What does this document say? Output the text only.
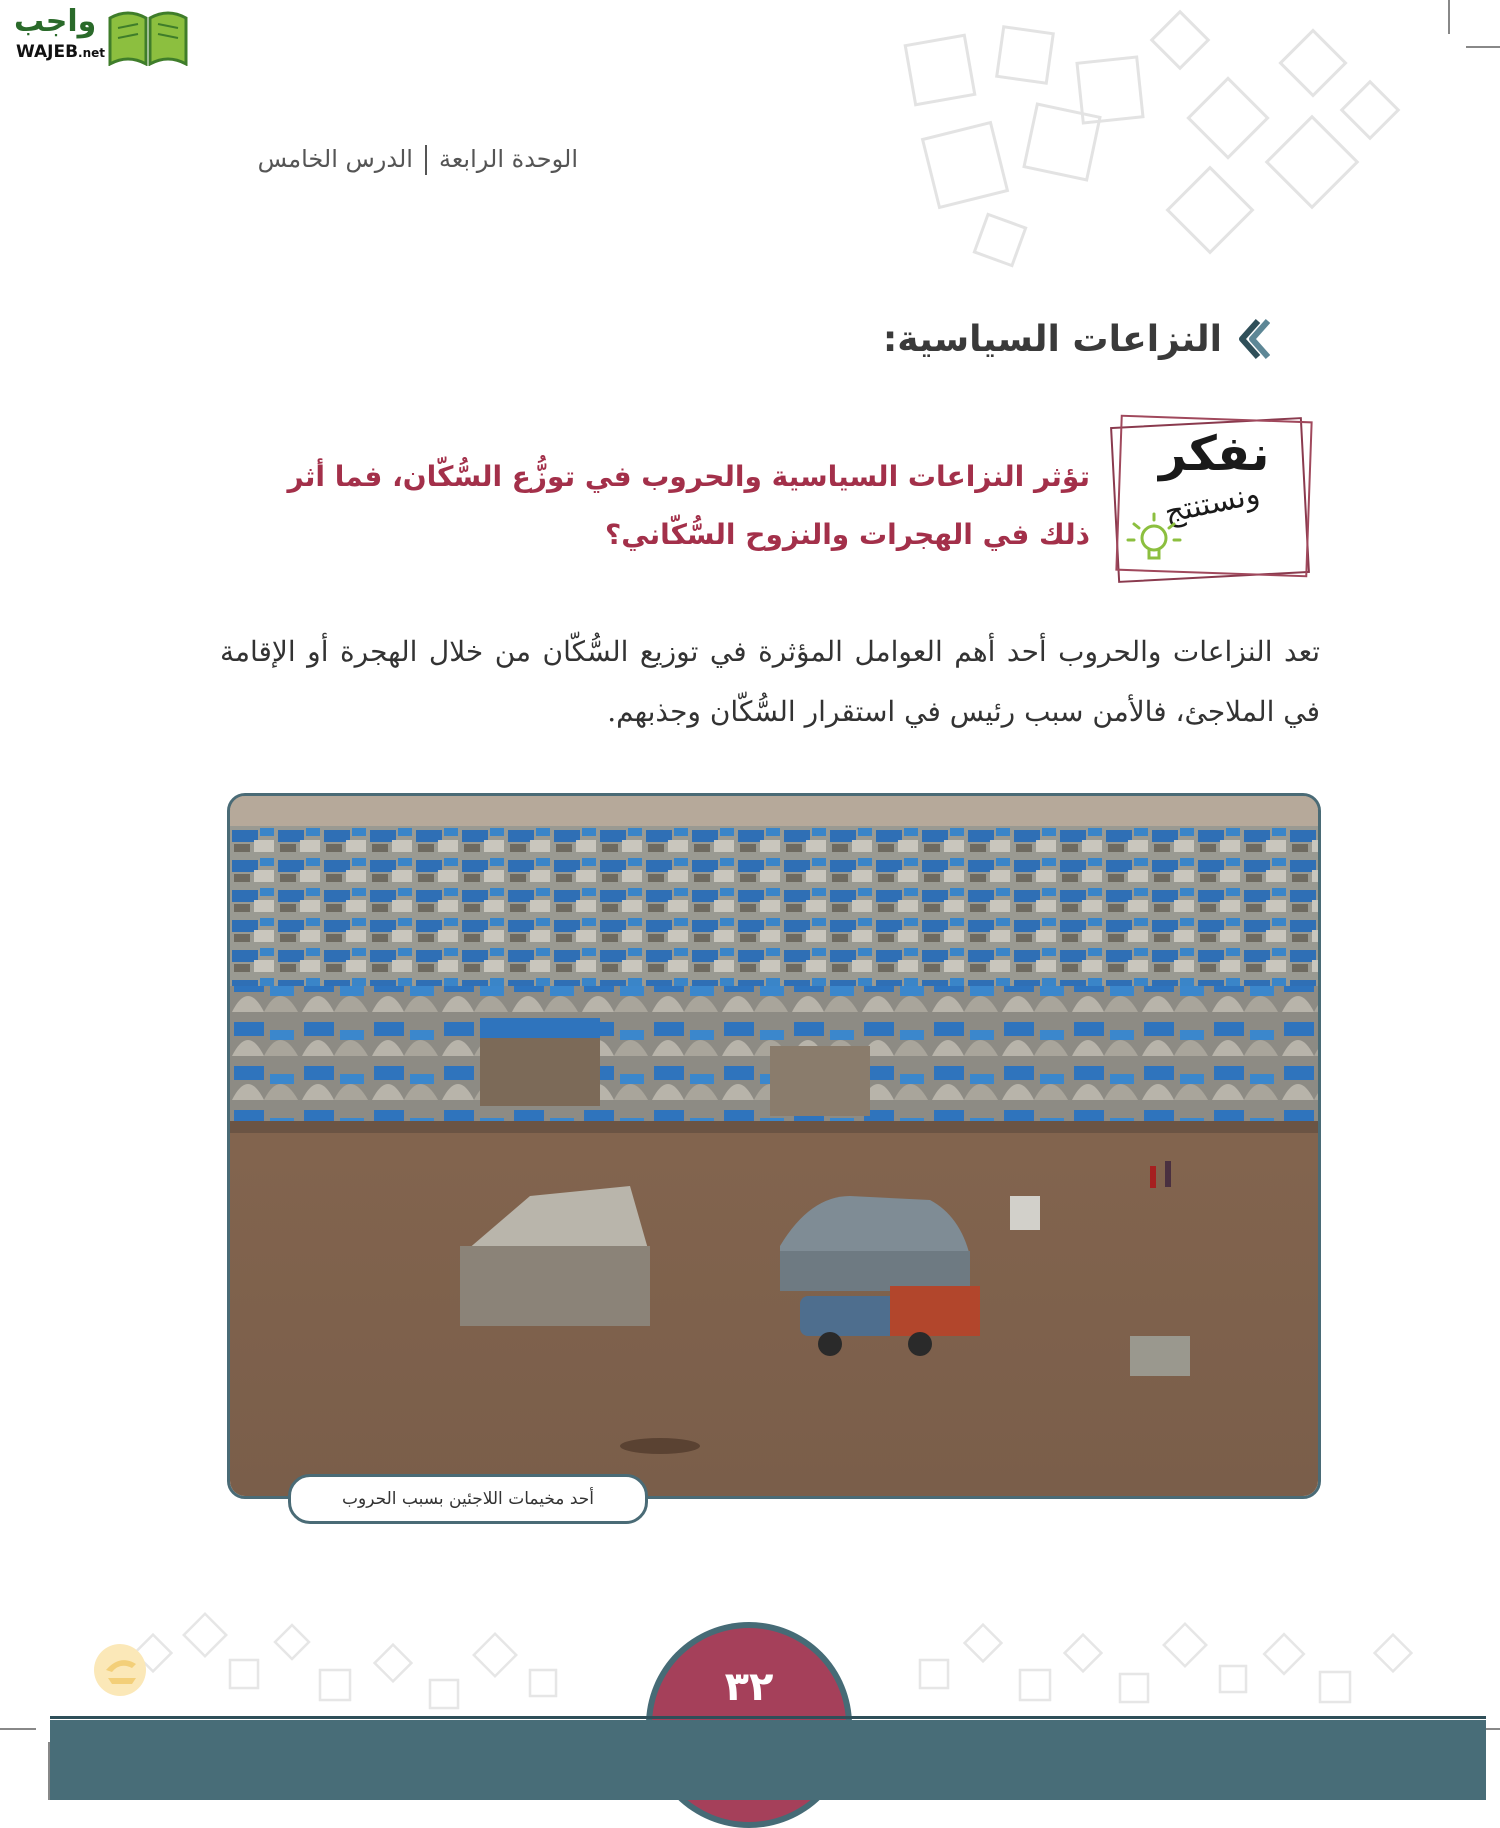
واجب
WAJEB.net
الوحدة الرابعةالدرس الخامس
النزاعات السياسية:
نفكر
ونستنتج
تؤثر النزاعات السياسية والحروب في توزُّع السُّكّان، فما أثر ذلك في الهجرات والنزوح السُّكّاني؟
تعد النزاعات والحروب أحد أهم العوامل المؤثرة في توزيع السُّكّان من خلال الهجرة أو الإقامة في الملاجئ، فالأمن سبب رئيس في استقرار السُّكّان وجذبهم.
أحد مخيمات اللاجئين بسبب الحروب
٣٢
